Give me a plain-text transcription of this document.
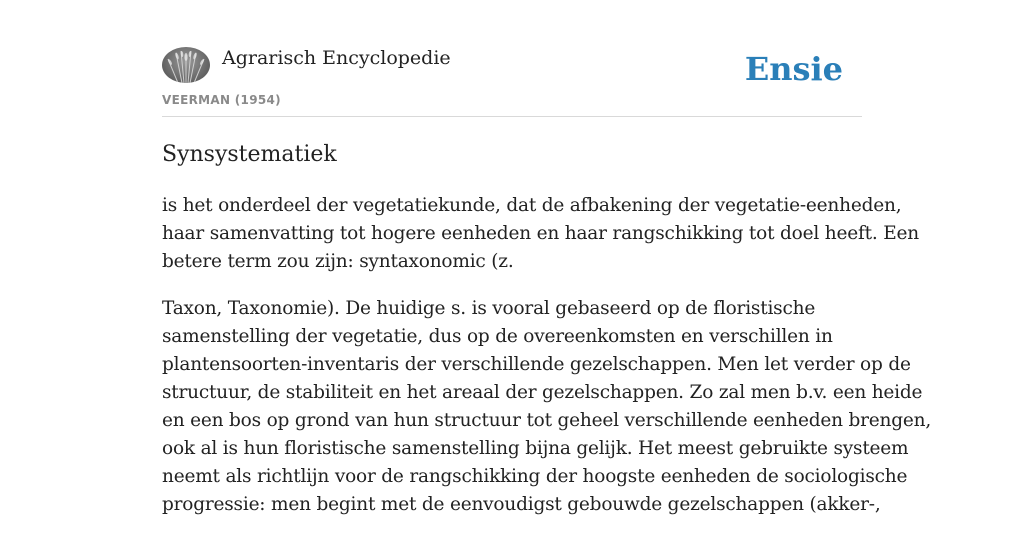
Agrarisch Encyclopedie
VEERMAN (1954)
Ensie
Synsystematiek

is het onderdeel der vegetatiekunde, dat de afbakening der vegetatie-eenheden,
haar samenvatting tot hogere eenheden en haar rangschikking tot doel heeft. Een
betere term zou zijn: syntaxonomic (z.

Taxon, Taxonomie). De huidige s. is vooral gebaseerd op de floristische
samenstelling der vegetatie, dus op de overeenkomsten en verschillen in
plantensoorten-inventaris der verschillende gezelschappen. Men let verder op de
structuur, de stabiliteit en het areaal der gezelschappen. Zo zal men b.v. een heide
en een bos op grond van hun structuur tot geheel verschillende eenheden brengen,
ook al is hun floristische samenstelling bijna gelijk. Het meest gebruikte systeem
neemt als richtlijn voor de rangschikking der hoogste eenheden de sociologische
progressie: men begint met de eenvoudigst gebouwde gezelschappen (akker-,
